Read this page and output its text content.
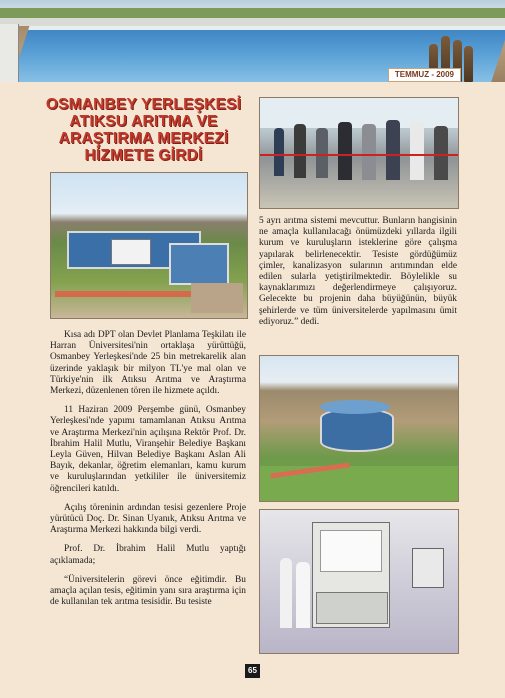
TEMMUZ - 2009
OSMANBEY YERLEŞKESİ
ATIKSU ARITMA VE
ARAŞTIRMA MERKEZİ
HİZMETE GİRDİ

Kısa adı DPT olan Devlet Planlama Teşkilatı ile Harran Üniversitesi'nin ortaklaşa yürüttüğü, Osmanbey Yerleşkesi'nde 25 bin metrekarelik alan üzerinde yaklaşık bir milyon TL'ye mal olan ve Türkiye'nin ilk Atıksu Arıtma ve Araştırma Merkezi, düzenlenen tören ile hizmete açıldı.

11 Haziran 2009 Perşembe günü, Osmanbey Yerleşkesi'nde yapımı tamamlanan Atıksu Arıtma ve Araştırma Merkezi'nin açılışına Rektör Prof. Dr. İbrahim Halil Mutlu, Viranşehir Belediye Başkanı Leyla Güven, Hilvan Belediye Başkanı Aslan Ali Bayık, dekanlar, öğretim elemanları, kamu kurum ve kuruluşlarından yetkililer ile üniversitemiz öğrencileri katıldı.

Açılış töreninin ardından tesisi gezenlere Proje yürütücü Doç. Dr. Sinan Uyanık, Atıksu Arıtma ve Araştırma Merkezi hakkında bilgi verdi.

Prof. Dr. İbrahim Halil Mutlu yaptığı açıklamada;

“Üniversitelerin görevi önce eğitimdir. Bu amaçla açılan tesis, eğitimin yanı sıra araştırma için de kullanılan tek arıtma tesisidir. Bu tesiste

5 ayrı arıtma sistemi mevcuttur. Bunların hangisinin ne amaçla kullanılacağı önümüzdeki yıllarda ilgili kurum ve kuruluşların isteklerine göre çalışma yapılarak belirlenecektir. Tesiste gördüğümüz çimler, kanalizasyon sularının arıtımından elde edilen sularla yetiştirilmektedir. Böylelikle su kaynaklarımızı değerlendirmeye çalışıyoruz. Gelecekte bu projenin daha büyüğünün, büyük şehirlerde ve tüm üniversitelerde yapılmasını ümit ediyoruz.” dedi.

65
